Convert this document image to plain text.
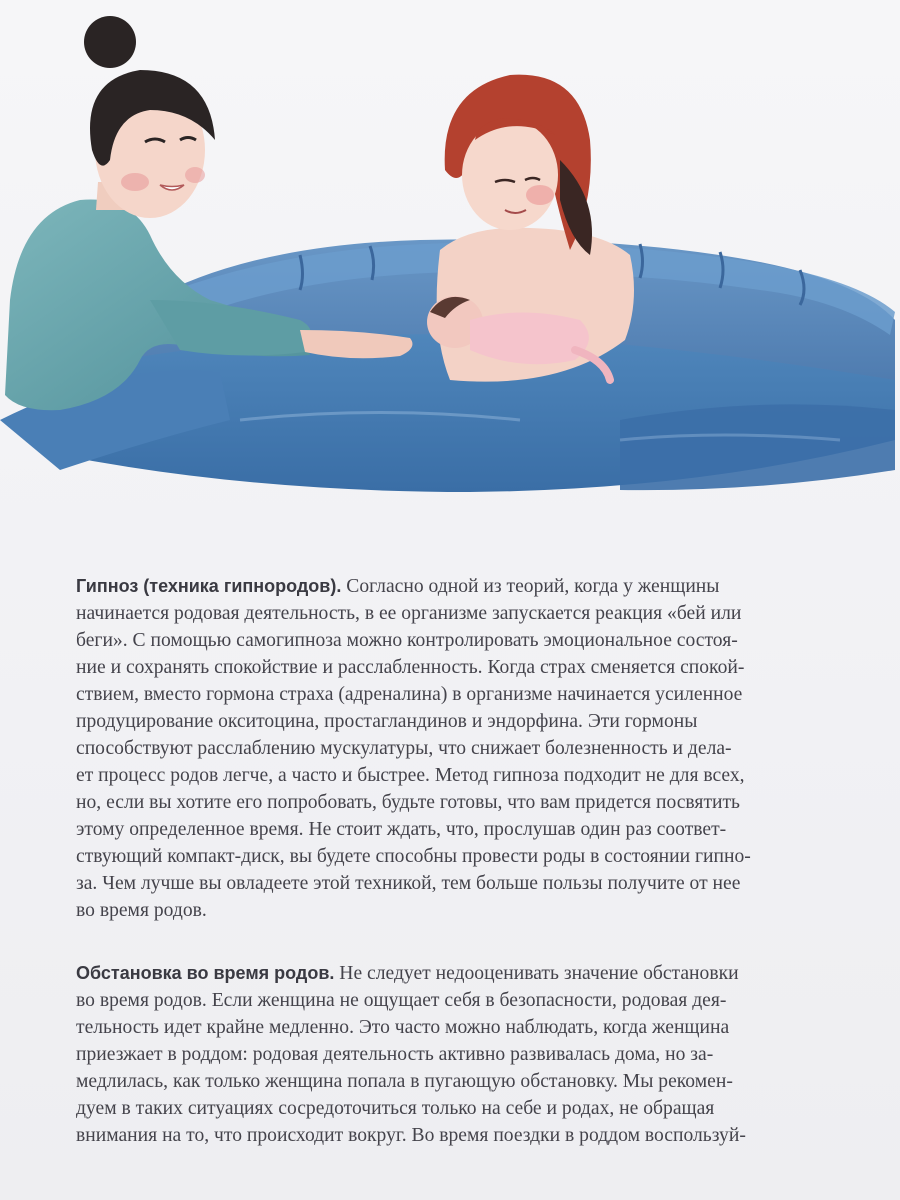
Гипноз (техника гипнородов). Согласно одной из теорий, когда у женщины
начинается родовая деятельность, в ее организме запускается реакция «бей или
беги». С помощью самогипноза можно контролировать эмоциональное состоя-
ние и сохранять спокойствие и расслабленность. Когда страх сменяется спокой-
ствием, вместо гормона страха (адреналина) в организме начинается усиленное
продуцирование окситоцина, простагландинов и эндорфина. Эти гормоны
способствуют расслаблению мускулатуры, что снижает болезненность и дела-
ет процесс родов легче, а часто и быстрее. Метод гипноза подходит не для всех,
но, если вы хотите его попробовать, будьте готовы, что вам придется посвятить
этому определенное время. Не стоит ждать, что, прослушав один раз соответ-
ствующий компакт-диск, вы будете способны провести роды в состоянии гипно-
за. Чем лучше вы овладеете этой техникой, тем больше пользы получите от нее
во время родов.
Обстановка во время родов. Не следует недооценивать значение обстановки
во время родов. Если женщина не ощущает себя в безопасности, родовая дея-
тельность идет крайне медленно. Это часто можно наблюдать, когда женщина
приезжает в роддом: родовая деятельность активно развивалась дома, но за-
медлилась, как только женщина попала в пугающую обстановку. Мы рекомен-
дуем в таких ситуациях сосредоточиться только на себе и родах, не обращая
внимания на то, что происходит вокруг. Во время поездки в роддом воспользуй-
